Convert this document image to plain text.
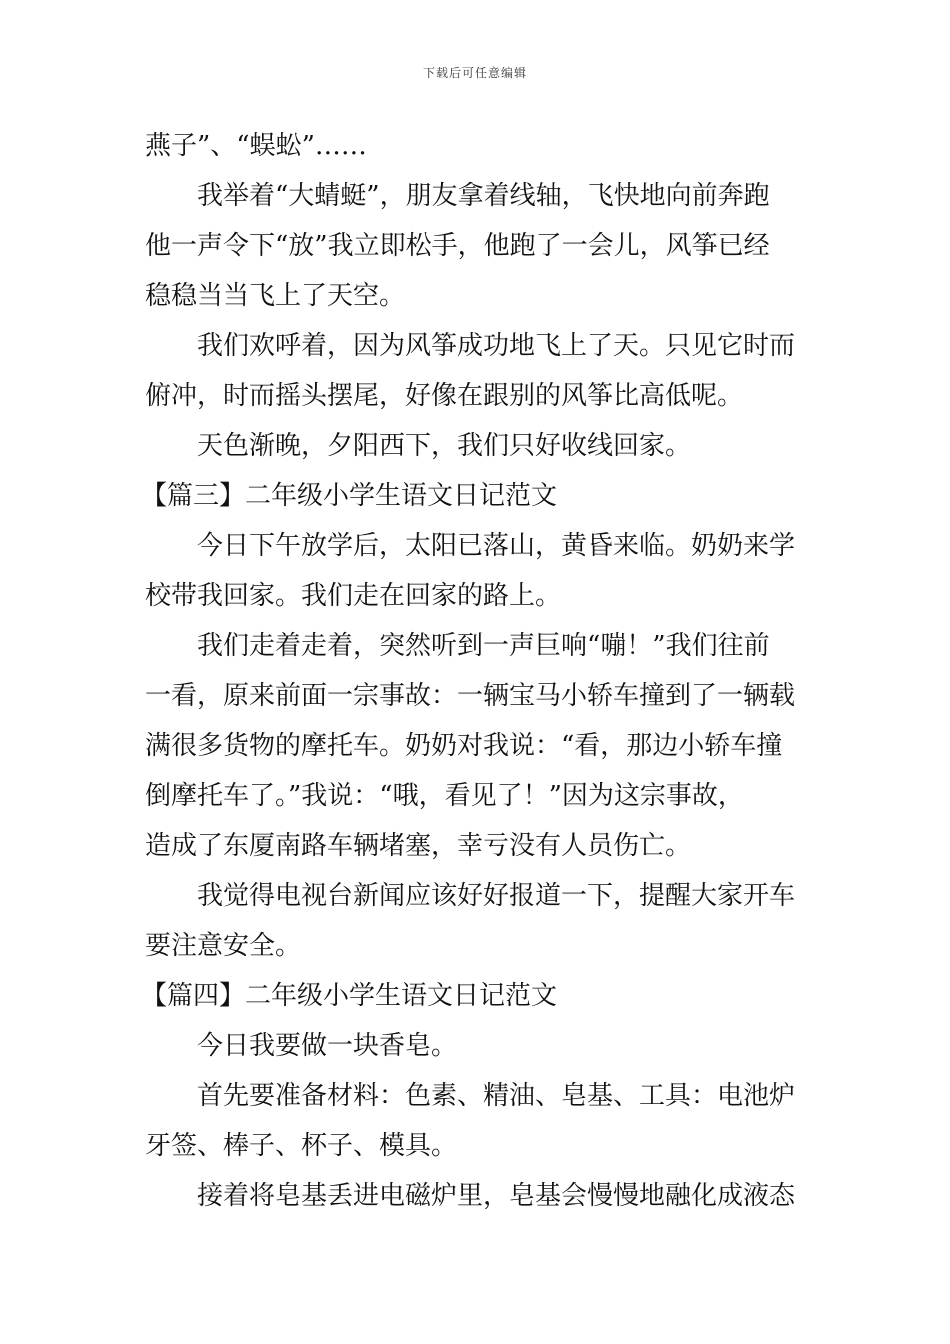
下载后可任意编辑
燕子”、“蜈蚣”……
我举着“大蜻蜓”，朋友拿着线轴，飞快地向前奔跑
他一声令下“放”我立即松手，他跑了一会儿，风筝已经
稳稳当当飞上了天空。
我们欢呼着，因为风筝成功地飞上了天。只见它时而
俯冲，时而摇头摆尾，好像在跟别的风筝比高低呢。
天色渐晚，夕阳西下，我们只好收线回家。
【篇三】二年级小学生语文日记范文
今日下午放学后，太阳已落山，黄昏来临。奶奶来学
校带我回家。我们走在回家的路上。
我们走着走着，突然听到一声巨响“嘣！”我们往前
一看，原来前面一宗事故：一辆宝马小轿车撞到了一辆载
满很多货物的摩托车。奶奶对我说：“看，那边小轿车撞
倒摩托车了。”我说：“哦，看见了！”因为这宗事故，
造成了东厦南路车辆堵塞，幸亏没有人员伤亡。
我觉得电视台新闻应该好好报道一下，提醒大家开车
要注意安全。
【篇四】二年级小学生语文日记范文
今日我要做一块香皂。
首先要准备材料：色素、精油、皂基、工具：电池炉
牙签、棒子、杯子、模具。
接着将皂基丢进电磁炉里，皂基会慢慢地融化成液态
